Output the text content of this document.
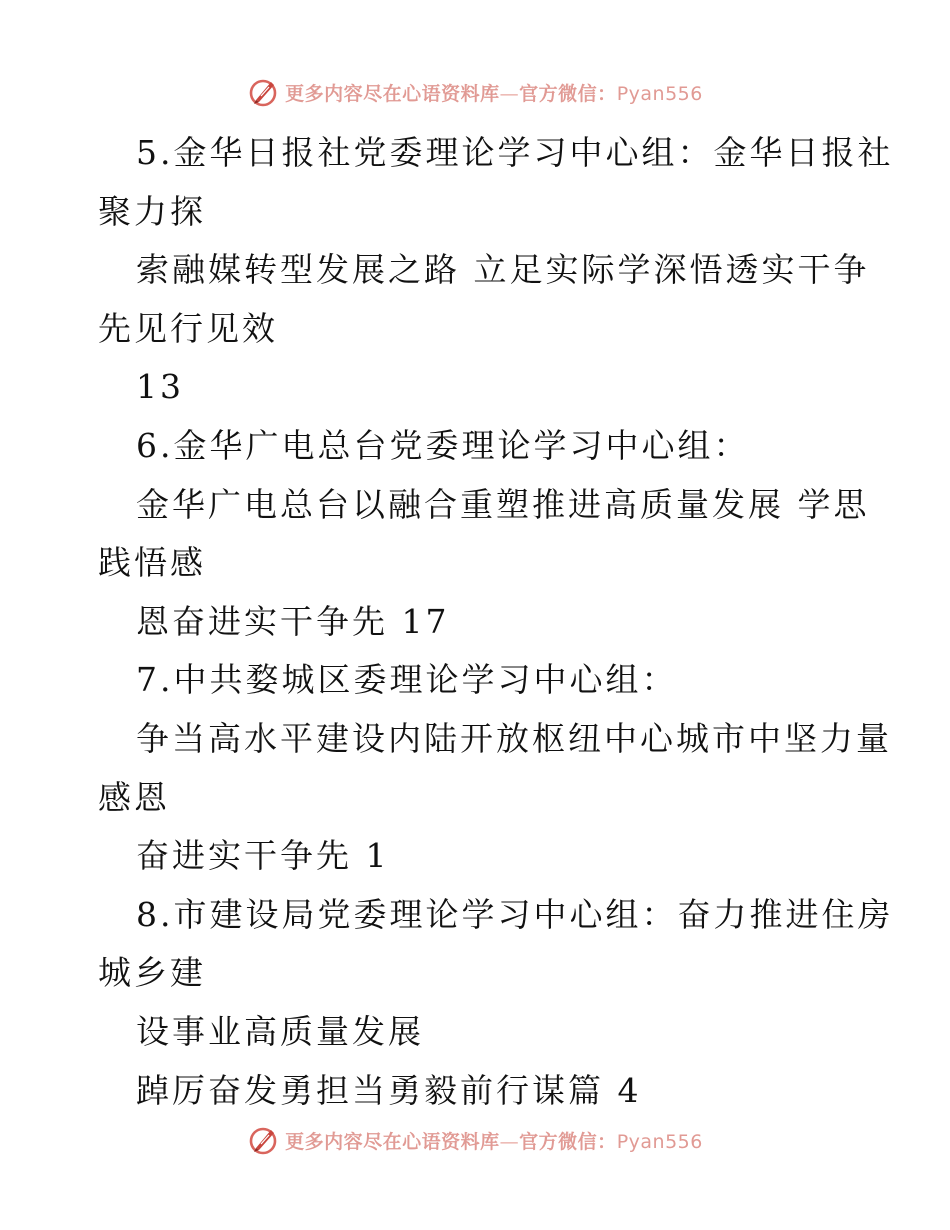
更多内容尽在心语资料库—官方微信：Pyan556
5.金华日报社党委理论学习中心组：金华日报社
聚力探
索融媒转型发展之路 立足实际学深悟透实干争
先见行见效
13
6.金华广电总台党委理论学习中心组：
金华广电总台以融合重塑推进高质量发展 学思
践悟感
恩奋进实干争先 17
7.中共婺城区委理论学习中心组：
争当高水平建设内陆开放枢纽中心城市中坚力量
感恩
奋进实干争先 1
8.市建设局党委理论学习中心组：奋力推进住房
城乡建
设事业高质量发展
踔厉奋发勇担当勇毅前行谋篇 4
更多内容尽在心语资料库—官方微信：Pyan556
